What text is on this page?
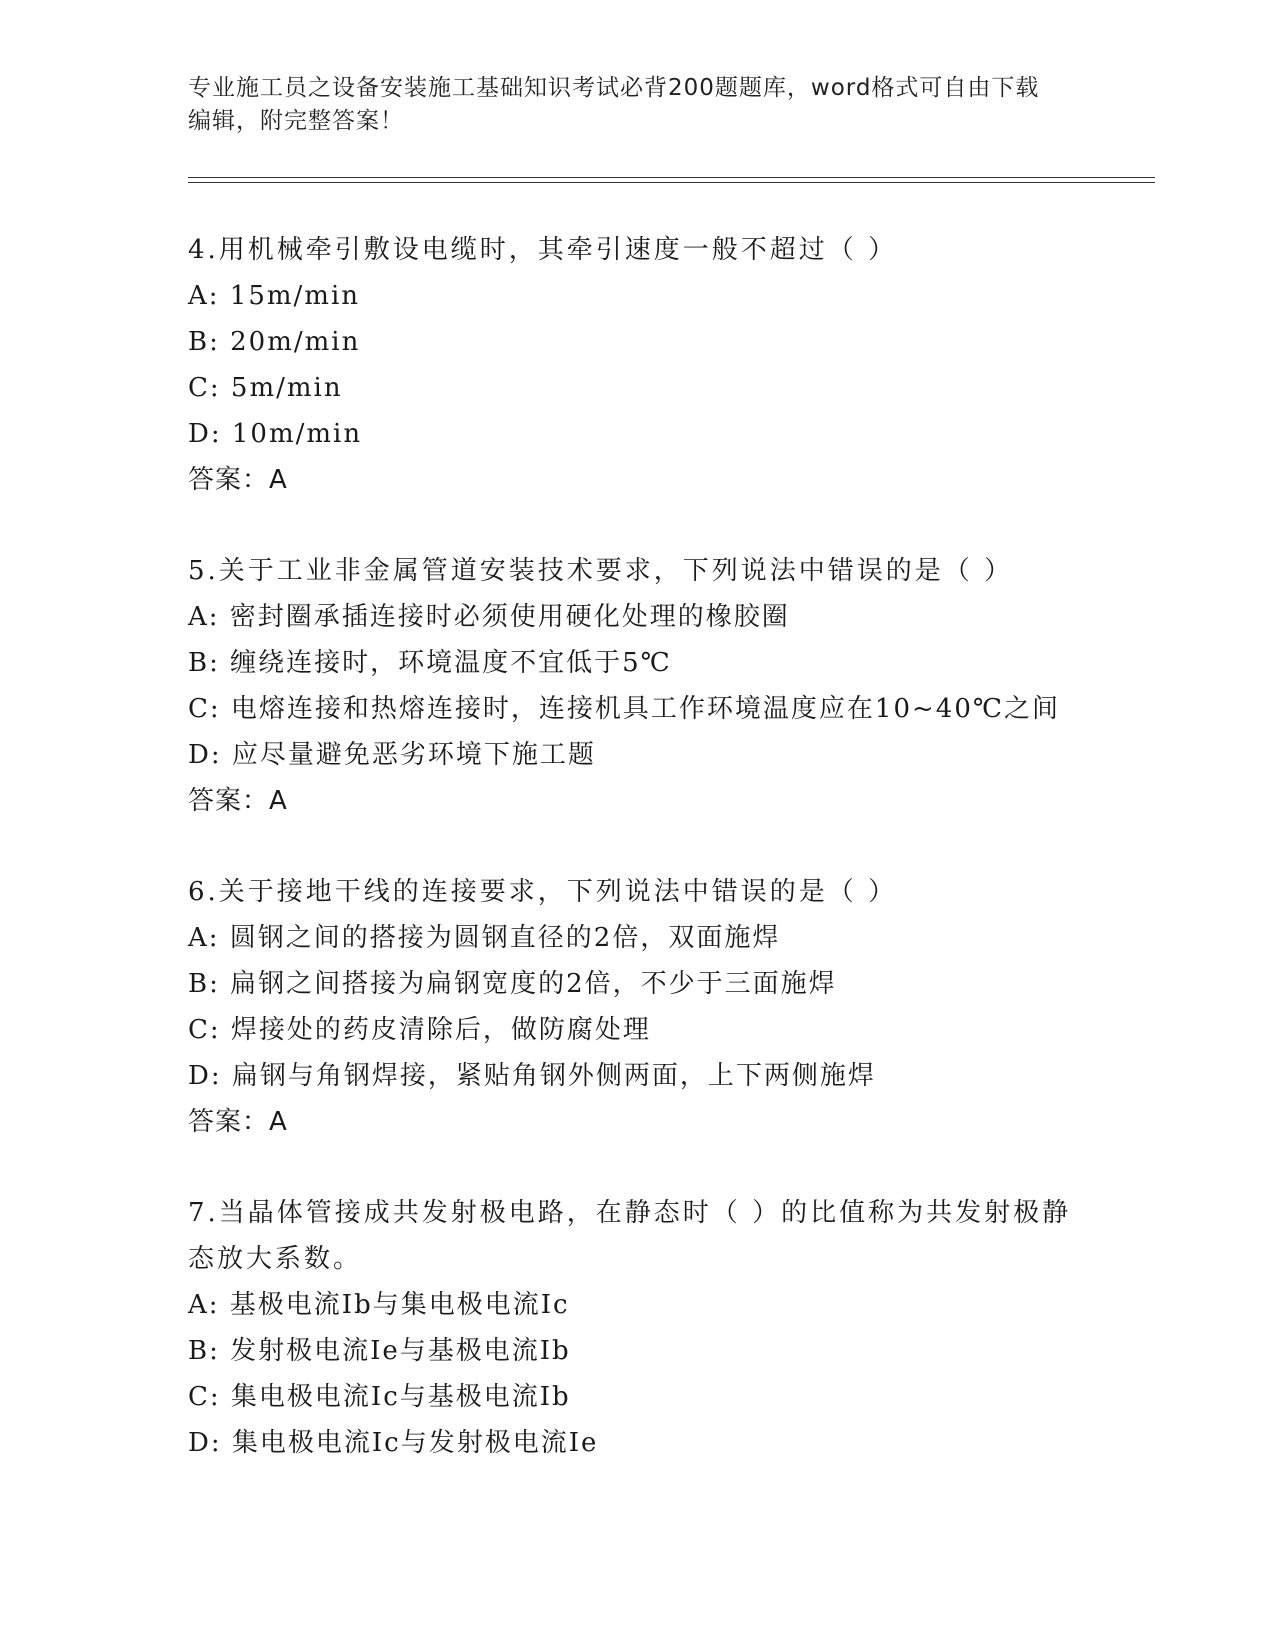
专业施工员之设备安装施工基础知识考试必背200题题库，word格式可自由下载
编辑，附完整答案！
4.用机械牵引敷设电缆时，其牵引速度一般不超过（ ）
A: 15m/min
B: 20m/min
C: 5m/min
D: 10m/min
答案：A
5.关于工业非金属管道安装技术要求，下列说法中错误的是（ ）
A: 密封圈承插连接时必须使用硬化处理的橡胶圈
B: 缠绕连接时，环境温度不宜低于5℃
C: 电熔连接和热熔连接时，连接机具工作环境温度应在10~40℃之间
D: 应尽量避免恶劣环境下施工题
答案：A
6.关于接地干线的连接要求，下列说法中错误的是（ ）
A: 圆钢之间的搭接为圆钢直径的2倍，双面施焊
B: 扁钢之间搭接为扁钢宽度的2倍，不少于三面施焊
C: 焊接处的药皮清除后，做防腐处理
D: 扁钢与角钢焊接，紧贴角钢外侧两面，上下两侧施焊
答案：A
7.当晶体管接成共发射极电路，在静态时（ ）的比值称为共发射极静
态放大系数。
A: 基极电流Ib与集电极电流Ic
B: 发射极电流Ie与基极电流Ib
C: 集电极电流Ic与基极电流Ib
D: 集电极电流Ic与发射极电流Ie
